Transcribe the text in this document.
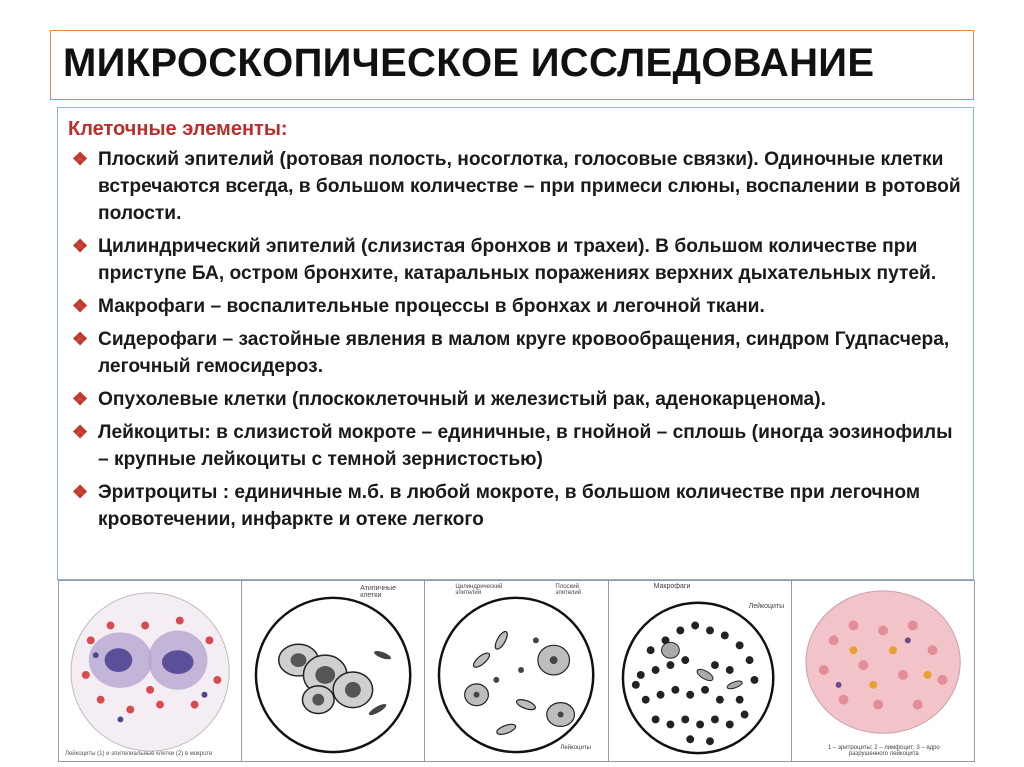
МИКРОСКОПИЧЕСКОЕ ИССЛЕДОВАНИЕ
Клеточные элементы:
❖ Плоский эпителий (ротовая полость, носоглотка, голосовые связки). Одиночные клетки встречаются всегда, в большом количестве – при примеси слюны, воспалении в ротовой полости.
❖ Цилиндрический эпителий (слизистая бронхов и трахеи). В большом количестве при приступе БА, остром бронхите, катаральных поражениях верхних дыхательных путей.
❖ Макрофаги – воспалительные процессы в бронхах и легочной ткани.
❖ Сидерофаги – застойные явления в малом круге кровообращения, синдром Гудпасчера, легочный гемосидероз.
❖ Опухолевые клетки (плоскоклеточный и железистый рак, аденокарценома).
❖ Лейкоциты: в слизистой мокроте – единичные, в гнойной – сплошь (иногда эозинофилы – крупные лейкоциты с темной зернистостью)
❖ Эритроциты : единичные м.б. в любой мокроте, в большом количестве при легочном кровотечении, инфаркте и отеке легкого
Лейкоциты (1) и эпителиальные клетки (2) в мокроте
Атипичные клетки
Цилиндрический эпителий
Плоский эпителий
Лейкоциты
Макрофаги
Лейкоциты
1 – эритроциты; 2 – лимфоцит; 3 – ядро разрушенного лейкоцита
